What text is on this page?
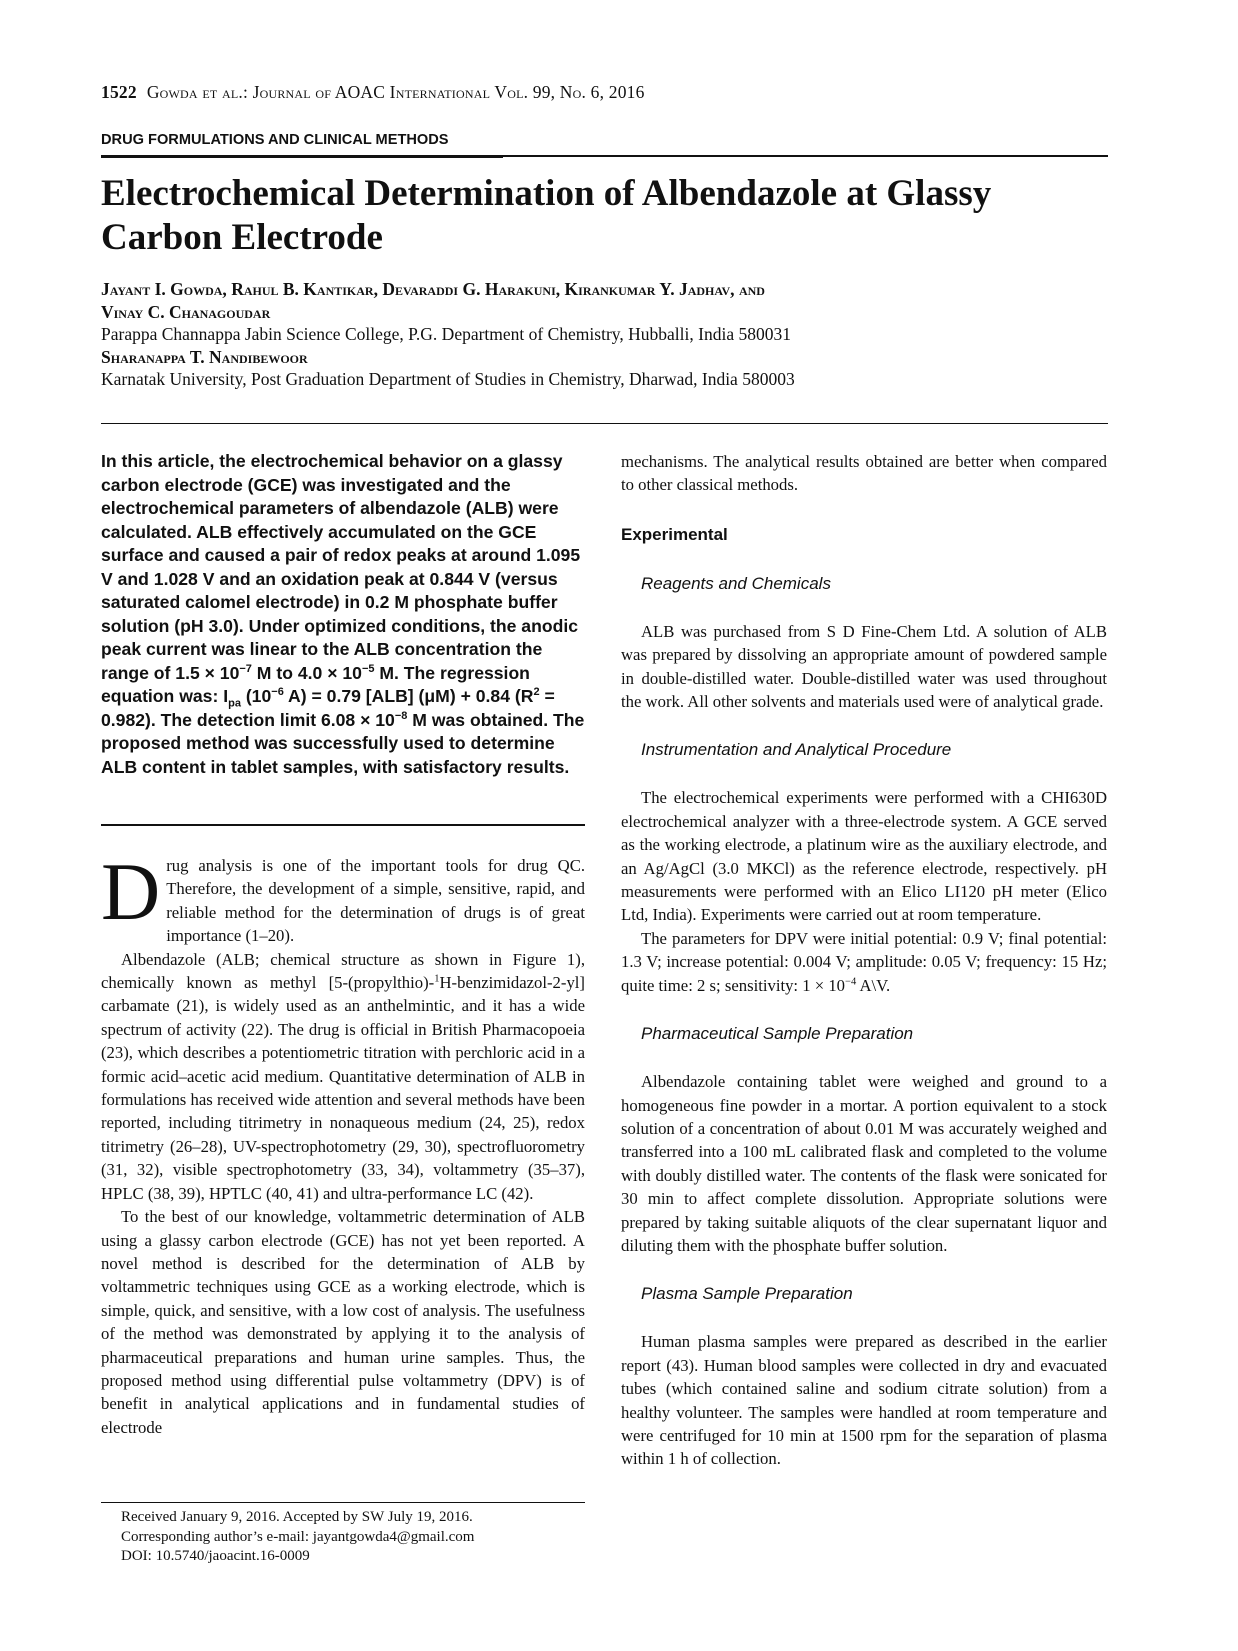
1522 Gowda et al.: Journal of AOAC International Vol. 99, No. 6, 2016
DRUG FORMULATIONS AND CLINICAL METHODS
Electrochemical Determination of Albendazole at Glassy
Carbon Electrode
Jayant I. Gowda, Rahul B. Kantikar, Devaraddi G. Harakuni, Kirankumar Y. Jadhav, and
Vinay C. Chanagoudar
Parappa Channappa Jabin Science College, P.G. Department of Chemistry, Hubballi, India 580031
Sharanappa T. Nandibewoor
Karnatak University, Post Graduation Department of Studies in Chemistry, Dharwad, India 580003
In this article, the electrochemical behavior on a glassy carbon electrode (GCE) was investigated and the electrochemical parameters of albendazole (ALB) were calculated. ALB effectively accumulated on the GCE surface and caused a pair of redox peaks at around 1.095 V and 1.028 V and an oxidation peak at 0.844 V (versus saturated calomel electrode) in 0.2 M phosphate buffer solution (pH 3.0). Under optimized conditions, the anodic peak current was linear to the ALB concentration the range of $1.5 \times 10^{-7}$ M to $4.0 \times 10^{-5}$ M. The regression equation was: $I_{pa}$ ($10^{-6}$ A) = 0.79 [ALB] (μM) + 0.84 $(R^2 = 0.982)$. The detection limit $6.08 \times 10^{-8}$ M was obtained. The proposed method was successfully used to determine ALB content in tablet samples, with satisfactory results.

Drug analysis is one of the important tools for drug QC. Therefore, the development of a simple, sensitive, rapid, and reliable method for the determination of drugs is of great importance (1–20).

Albendazole (ALB; chemical structure as shown in Figure 1), chemically known as methyl [5-(propylthio)-$^1$H-benzimidazol-2-yl] carbamate (21), is widely used as an anthelmintic, and it has a wide spectrum of activity (22). The drug is official in British Pharmacopoeia (23), which describes a potentiometric titration with perchloric acid in a formic acid–acetic acid medium. Quantitative determination of ALB in formulations has received wide attention and several methods have been reported, including titrimetry in nonaqueous medium (24, 25), redox titrimetry (26–28), UV-spectrophotometry (29, 30), spectrofluorometry (31, 32), visible spectrophotometry (33, 34), voltammetry (35–37), HPLC (38, 39), HPTLC (40, 41) and ultra-performance LC (42).

To the best of our knowledge, voltammetric determination of ALB using a glassy carbon electrode (GCE) has not yet been reported. A novel method is described for the determination of ALB by voltammetric techniques using GCE as a working electrode, which is simple, quick, and sensitive, with a low cost of analysis. The usefulness of the method was demonstrated by applying it to the analysis of pharmaceutical preparations and human urine samples. Thus, the proposed method using differential pulse voltammetry (DPV) is of benefit in analytical applications and in fundamental studies of electrode

Received January 9, 2016. Accepted by SW July 19, 2016.
Corresponding author’s e-mail: jayantgowda4@gmail.com
DOI: 10.5740/jaoacint.16-0009

mechanisms. The analytical results obtained are better when compared to other classical methods.

Experimental
Reagents and Chemicals

ALB was purchased from S D Fine-Chem Ltd. A solution of ALB was prepared by dissolving an appropriate amount of powdered sample in double-distilled water. Double-distilled water was used throughout the work. All other solvents and materials used were of analytical grade.

Instrumentation and Analytical Procedure

The electrochemical experiments were performed with a CHI630D electrochemical analyzer with a three-electrode system. A GCE served as the working electrode, a platinum wire as the auxiliary electrode, and an Ag/AgCl (3.0 MKCl) as the reference electrode, respectively. pH measurements were performed with an Elico LI120 pH meter (Elico Ltd, India). Experiments were carried out at room temperature.

The parameters for DPV were initial potential: 0.9 V; final potential: 1.3 V; increase potential: 0.004 V; amplitude: 0.05 V; frequency: 15 Hz; quite time: 2 s; sensitivity: $1 \times 10^{-4}$ A\V.

Pharmaceutical Sample Preparation

Albendazole containing tablet were weighed and ground to a homogeneous fine powder in a mortar. A portion equivalent to a stock solution of a concentration of about 0.01 M was accurately weighed and transferred into a 100 mL calibrated flask and completed to the volume with doubly distilled water. The contents of the flask were sonicated for 30 min to affect complete dissolution. Appropriate solutions were prepared by taking suitable aliquots of the clear supernatant liquor and diluting them with the phosphate buffer solution.

Plasma Sample Preparation

Human plasma samples were prepared as described in the earlier report (43). Human blood samples were collected in dry and evacuated tubes (which contained saline and sodium citrate solution) from a healthy volunteer. The samples were handled at room temperature and were centrifuged for 10 min at 1500 rpm for the separation of plasma within 1 h of collection.
